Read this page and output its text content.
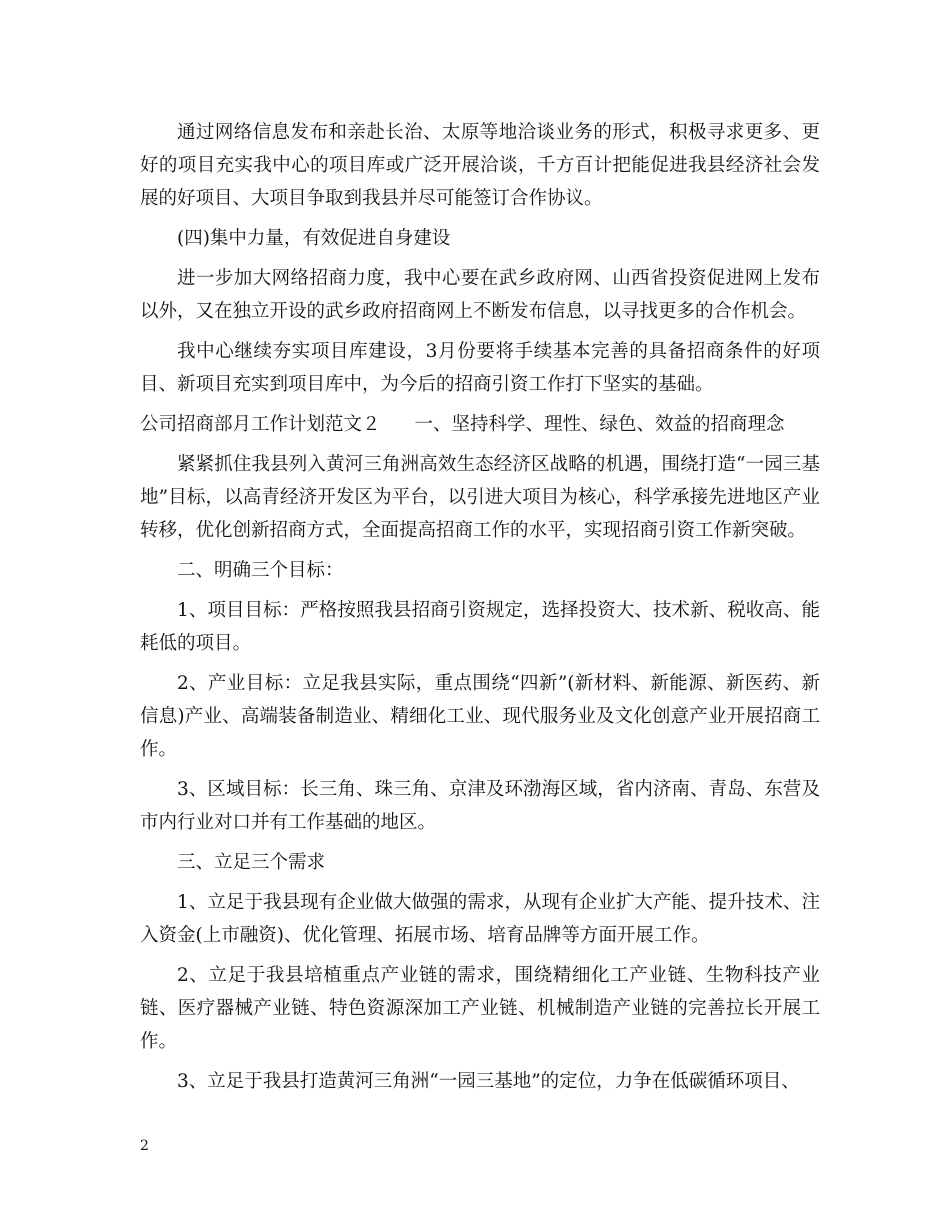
通过网络信息发布和亲赴长治、太原等地洽谈业务的形式，积极寻求更多、更好的项目充实我中心的项目库或广泛开展洽谈，千方百计把能促进我县经济社会发展的好项目、大项目争取到我县并尽可能签订合作协议。

(四)集中力量，有效促进自身建设

进一步加大网络招商力度，我中心要在武乡政府网、山西省投资促进网上发布以外，又在独立开设的武乡政府招商网上不断发布信息，以寻找更多的合作机会。

我中心继续夯实项目库建设，3月份要将手续基本完善的具备招商条件的好项目、新项目充实到项目库中，为今后的招商引资工作打下坚实的基础。

公司招商部月工作计划范文２ 一、坚持科学、理性、绿色、效益的招商理念

紧紧抓住我县列入黄河三角洲高效生态经济区战略的机遇，围绕打造“一园三基地”目标，以高青经济开发区为平台，以引进大项目为核心，科学承接先进地区产业转移，优化创新招商方式，全面提高招商工作的水平，实现招商引资工作新突破。

二、明确三个目标：

1、项目目标：严格按照我县招商引资规定，选择投资大、技术新、税收高、能耗低的项目。

2、产业目标：立足我县实际，重点围绕“四新”(新材料、新能源、新医药、新信息)产业、高端装备制造业、精细化工业、现代服务业及文化创意产业开展招商工作。

3、区域目标：长三角、珠三角、京津及环渤海区域，省内济南、青岛、东营及市内行业对口并有工作基础的地区。

三、立足三个需求

1、立足于我县现有企业做大做强的需求，从现有企业扩大产能、提升技术、注入资金(上市融资)、优化管理、拓展市场、培育品牌等方面开展工作。

2、立足于我县培植重点产业链的需求，围绕精细化工产业链、生物科技产业链、医疗器械产业链、特色资源深加工产业链、机械制造产业链的完善拉长开展工作。

3、立足于我县打造黄河三角洲“一园三基地”的定位，力争在低碳循环项目、

2
